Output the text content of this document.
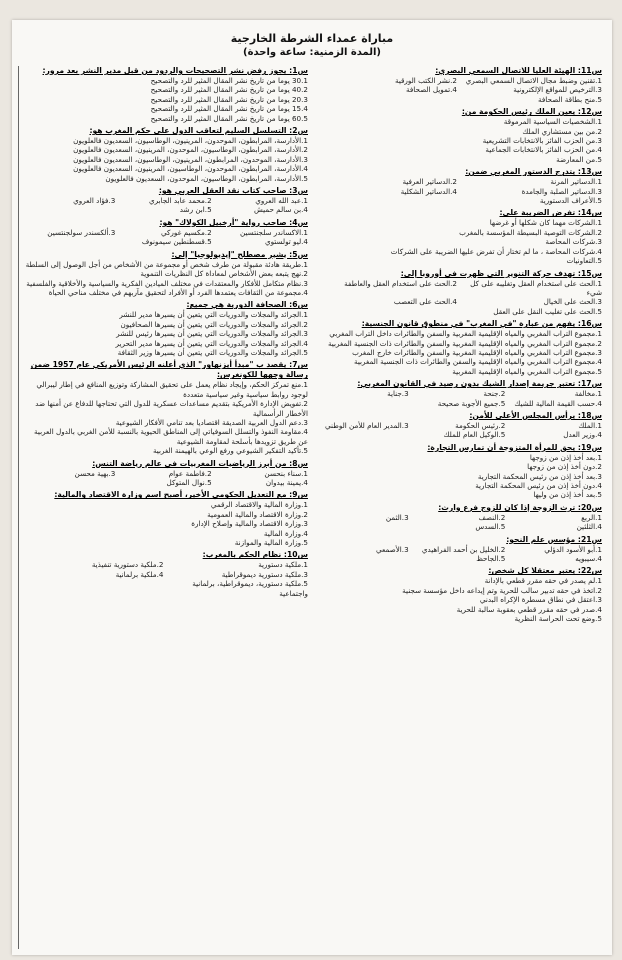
مباراة عمداء الشرطة الخارجية
(المدة الزمنية: ساعة واحدة)
س1: يجوز رفض نشر التصحيحات والردود من قبل مدير النشر بعد مرور:
30.1 يوما من تاريخ نشر المقال المثير للرد والتصحيح
40.2 يوما من تاريخ نشر المقال المثير للرد والتصحيح
20.3 يوما من تاريخ نشر المقال المثير للرد والتصحيح
15.4 يوما من تاريخ نشر المقال المثير للرد والتصحيح
60.5 يوما من تاريخ نشر المقال المثير للرد والتصحيح
س2: التسلسل السليم لتعاقب الدول على حكم المغرب هو:
1.الأدارسة، المرابطون، الموحدون، المرينيون، الوطاسيون، السعديون فالعلويون
2.الأدارسة، المرابطون، الوطاسيون، الموحدون، المرينيون، السعديون فالعلويون
3.الأدارسة، الموحدون، المرابطون، المرينيون، الوطاسيون، السعديون فالعلويون
4.الأدارسة، المرابطون، الموحدون، الوطاسيون، المرينيون، السعديون فالعلويون
5.الأدارسة، المرابطون، الوطاسيون، الموحدون، السعديون فالعلويون
س3: صاحب كتاب نقد العقل العربي هو:
1.عبد الله العروي
2.محمد عابد الجابري
3.فؤاد العروي
4.بن سالم حميش
5.ابن رشد
س4: صاحب رواية "أرخبيل الكولاك" هو:
1.الاكساندر سلجنتسين
2.مكسيم غوركي
3.ألكسندر سولجنتسين
4.ليو تولستوي
5.قسطنطين سيمونوف
س5: يشير مصطلح "إيديولوجيا" إلى:
1.طريقة هادئة مقبولة من طرف شخص أو مجموعة من الأشخاص من أجل الوصول إلى السلطة
2.نهج يتبعه بعض الأشخاص لمعاداة كل النظريات التنموية
3.نظام متكامل للأفكار والمعتقدات في مختلف الميادين الفكرية والسياسية والأخلاقية والفلسفية
4.مجموعة من الثقافات يعتمدها الفرد أو الأفراد لتحقيق مآربهم في مختلف مناحي الحياة
س6: الصحافة الدورية هي جميع:
1.الجرائد والمجلات والدوريات التي يتعين أن يسيرها مدير للنشر
2.الجرائد والمجلات والدوريات التي يتعين أن يسيرها الصحافيون
3.الجرائد والمجلات والدوريات التي يتعين أن يسيرها رئيس للنشر
4.الجرائد والمجلات والدوريات التي يتعين أن يسيرها مدير التحرير
5.الجرائد والمجلات والدوريات التي يتعين أن يسيرها وزير الثقافة
س7: يقصد ب "مبدأ أيزنهاور" الذي أعلنه الرئيس الأمريكي عام 1957 ضمن رسالة وجهها للكونغرس:
1.منع تمركز الحكم، وإيجاد نظام يعمل على تحقيق المشاركة وتوزيع المنافع في إطار ليبرالي لوجود روابط سياسية وغير سياسية متعددة
2.تفويض الإدارة الأمريكية بتقديم مساعدات عسكرية للدول التي تحتاجها للدفاع عن أمنها ضد الأخطار الرأسمالية
3.دعم الدول العربية الصديقة اقتصاديا بعد تنامي الأفكار الشيوعية
4.مقاومة النفوذ والتسلل السوفياتي إلى المناطق الحيوية بالنسبة للأمن الغربي بالدول العربية عن طريق تزويدها بأسلحة لمقاومة الشيوعية
5.تأكيد التفكير الشيوعي ورفع الوعي بالهيمنة الغربية
س8: من أبرز الرياضيات المغربيات في عالم رياضة التنس:
1.سناء بنحسن
2.فاطمة عوام
3.بهية محسن
4.يمينة بيدوان
5.نوال المتوكل
س9: مع التعديل الحكومي الأخير، أصبح اسم وزارة الاقتصاد والمالية:
1.وزارة المالية والاقتصاد الرقمي
2.وزارة الاقتصاد والمالية العمومية
3.وزارة الاقتصاد والمالية وإصلاح الإدارة
4.وزارة المالية
5.وزارة المالية والموازنة
س10: نظام الحكم بالمغرب:
1.ملكية دستورية
2.ملكية دستورية تنفيذية
3.ملكية دستورية ديموقراطية
4.ملكية برلمانية
5.ملكية دستورية، ديموقراطية، برلمانية واجتماعية
س11: الهيئة العليا للاتصال السمعي البصري:
1.تقنين وضبط مجال الاتصال السمعي البصري
2.نشر الكتب الورقية
3.الترخيص للمواقع الإلكترونية
4.تمويل الصحافة
5.منح بطاقة الصحافة
س12: يعين الملك رئيس الحكومة من:
1.الشخصيات السياسية المرموقة
2.من بين مستشاري الملك
3.من الحزب الفائز بالانتخابات التشريعية
4.من الحزب الفائز بالانتخابات الجماعية
5.من المعارضة
س13: يتدرج الدستور المغربي ضمن:
1.الدساتير المرنة
2.الدساتير العرفية
3.الدساتير الصلبة والجامدة
4.الدساتير الشكلية
5.الأعراف الدستورية
س14: تفرض الضريبة على:
1.الشركات مهما كان شكلها أو غرضها
2.الشركات التوصية البسيطة المؤسسة بالمغرب
3.شركات المحاصة
4.شركات المحاصة ، ما لم تختار أن تفرض عليها الضريبة على الشركات
5.التعاونيات
س15: تهدف حركة التنوير التي ظهرت في أوروبا إلى:
1.الحث على استخدام العقل وتغليبه على كل شيء
2.الحث على استخدام العقل والعاطفة
3.الحث على الخيال
4.الحث على التعصب
5.الحث على تغليب النقل على العقل
س16: يفهم من عبارة "في المغرب" في منطوق قانون الجنسية:
1.مجموع التراب المغربي والمياه الإقليمية المغربية والسفن والطائرات داخل التراب المغربي
2.مجموع التراب المغربي والمياه الإقليمية المغربية والسفن والطائرات ذات الجنسية المغربية
3.مجموع التراب المغربي والمياه الإقليمية المغربية والسفن والطائرات خارج المغرب
4.مجموع التراب المغربي والمياه الإقليمية والسفن والطائرات ذات الجنسية المغربية
5.مجموع التراب المغربي والمياه الإقليمية المغربية
س17: تعتبر جريمة إصدار الشيك بدون رصيد في القانون المغربي:
1.مخالفة
2.جنحة
3.جناية
4.حسب القيمة المالية للشيك
5.جميع الأجوبة صحيحة
س18: يرأس المجلس الأعلى للأمن:
1.الملك
2.رئيس الحكومة
3.المدير العام للأمن الوطني
4.وزير العدل
5.الوكيل العام للملك
س19: يحق للمرأة المتزوجة أن تمارس التجارة:
1.بعد أخذ إذن من زوجها
2.دون أخذ إذن من زوجها
3.بعد أخذ إذن من رئيس المحكمة التجارية
4.دون أخذ إذن من رئيس المحكمة التجارية
5.بعد أخذ إذن من وليها
س20: ترث الزوجة إذا كان للزوج فرع وارث:
1.الربع
2.النصف
3.الثمن
4.الثلثين
5.السدس
س21: مؤسس علم النحو:
1.أبو الأسود الدؤلي
2.الخليل بن أحمد الفراهيدي
3.الأصمعي
4.سيبويه
5.الجاحظ
س22: يعتبر معتقلا كل شخص:
1.لم يصدر في حقه مقرر قطعي بالإدانة
2.اتخذ في حقه تدبير سالب للحرية وتم إيداعه داخل مؤسسة سجنية
3.اعتقل في نطاق مسطرة الإكراه البدني
4.صدر في حقه مقرر قطعي بعقوبة سالبة للحرية
5.وضع تحت الحراسة النظرية
